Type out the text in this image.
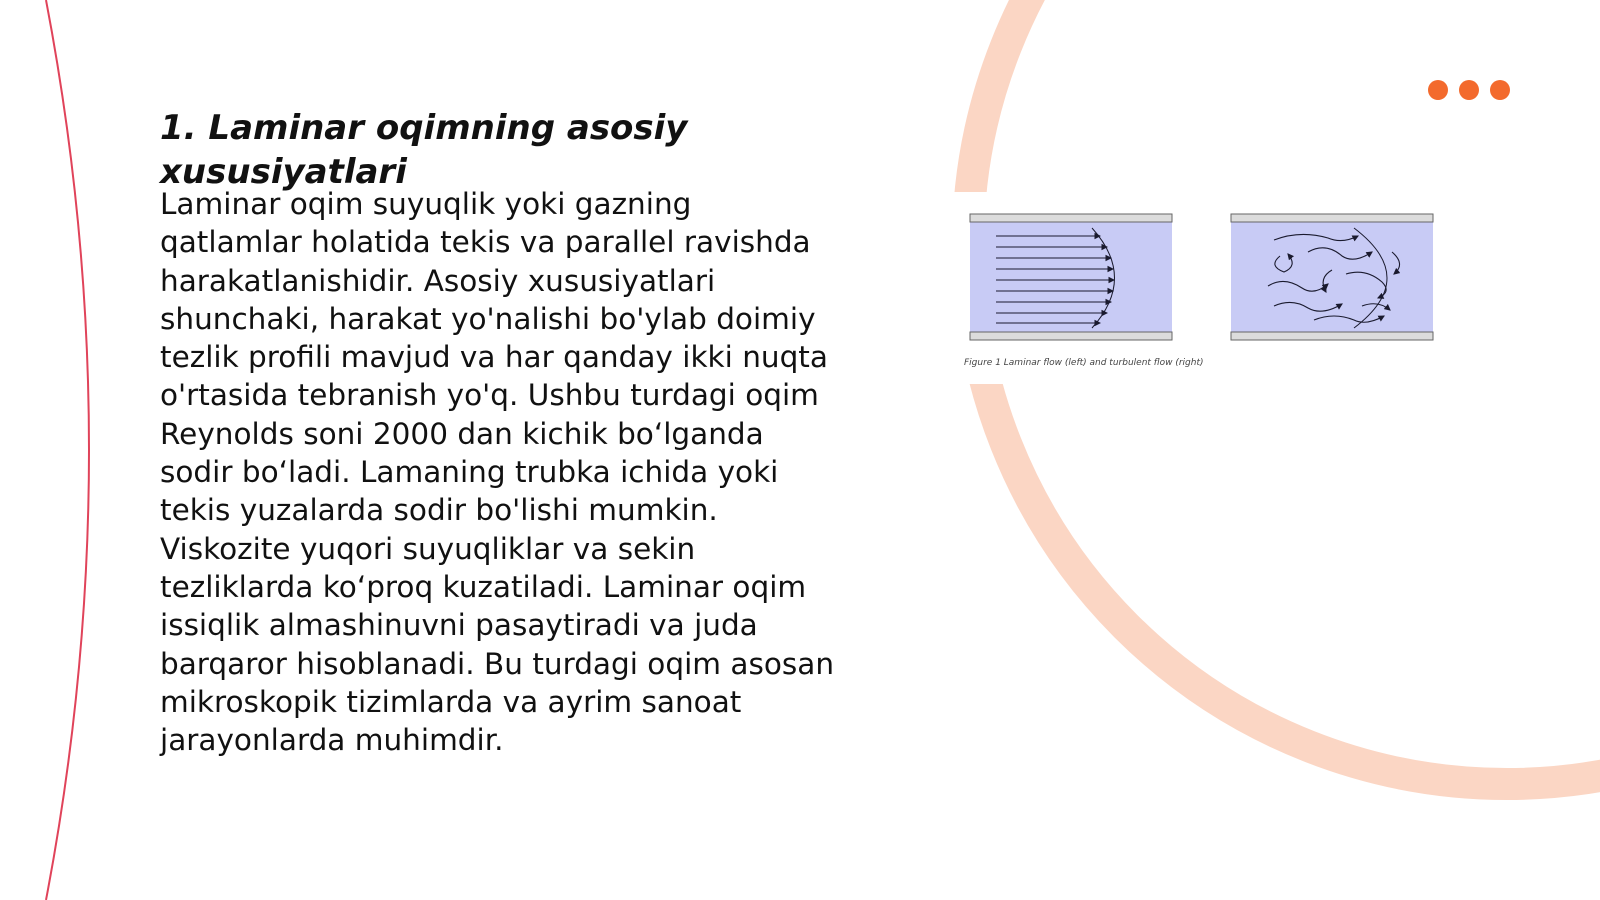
1. Laminar oqimning asosiy xususiyatlari

Laminar oqim suyuqlik yoki gazning qatlamlar holatida tekis va parallel ravishda harakatlanishidir. Asosiy xususiyatlari shunchaki, harakat yo'nalishi bo'ylab doimiy tezlik profili mavjud va har qanday ikki nuqta o'rtasida tebranish yo'q. Ushbu turdagi oqim Reynolds soni 2000 dan kichik bo‘lganda sodir bo‘ladi. Lamaning trubka ichida yoki tekis yuzalarda sodir bo'lishi mumkin. Viskozite yuqori suyuqliklar va sekin tezliklarda ko‘proq kuzatiladi. Laminar oqim issiqlik almashinuvni pasaytiradi va juda barqaror hisoblanadi. Bu turdagi oqim asosan mikroskopik tizimlarda va ayrim sanoat jarayonlarda muhimdir.

Figure 1 Laminar flow (left) and turbulent flow (right)
